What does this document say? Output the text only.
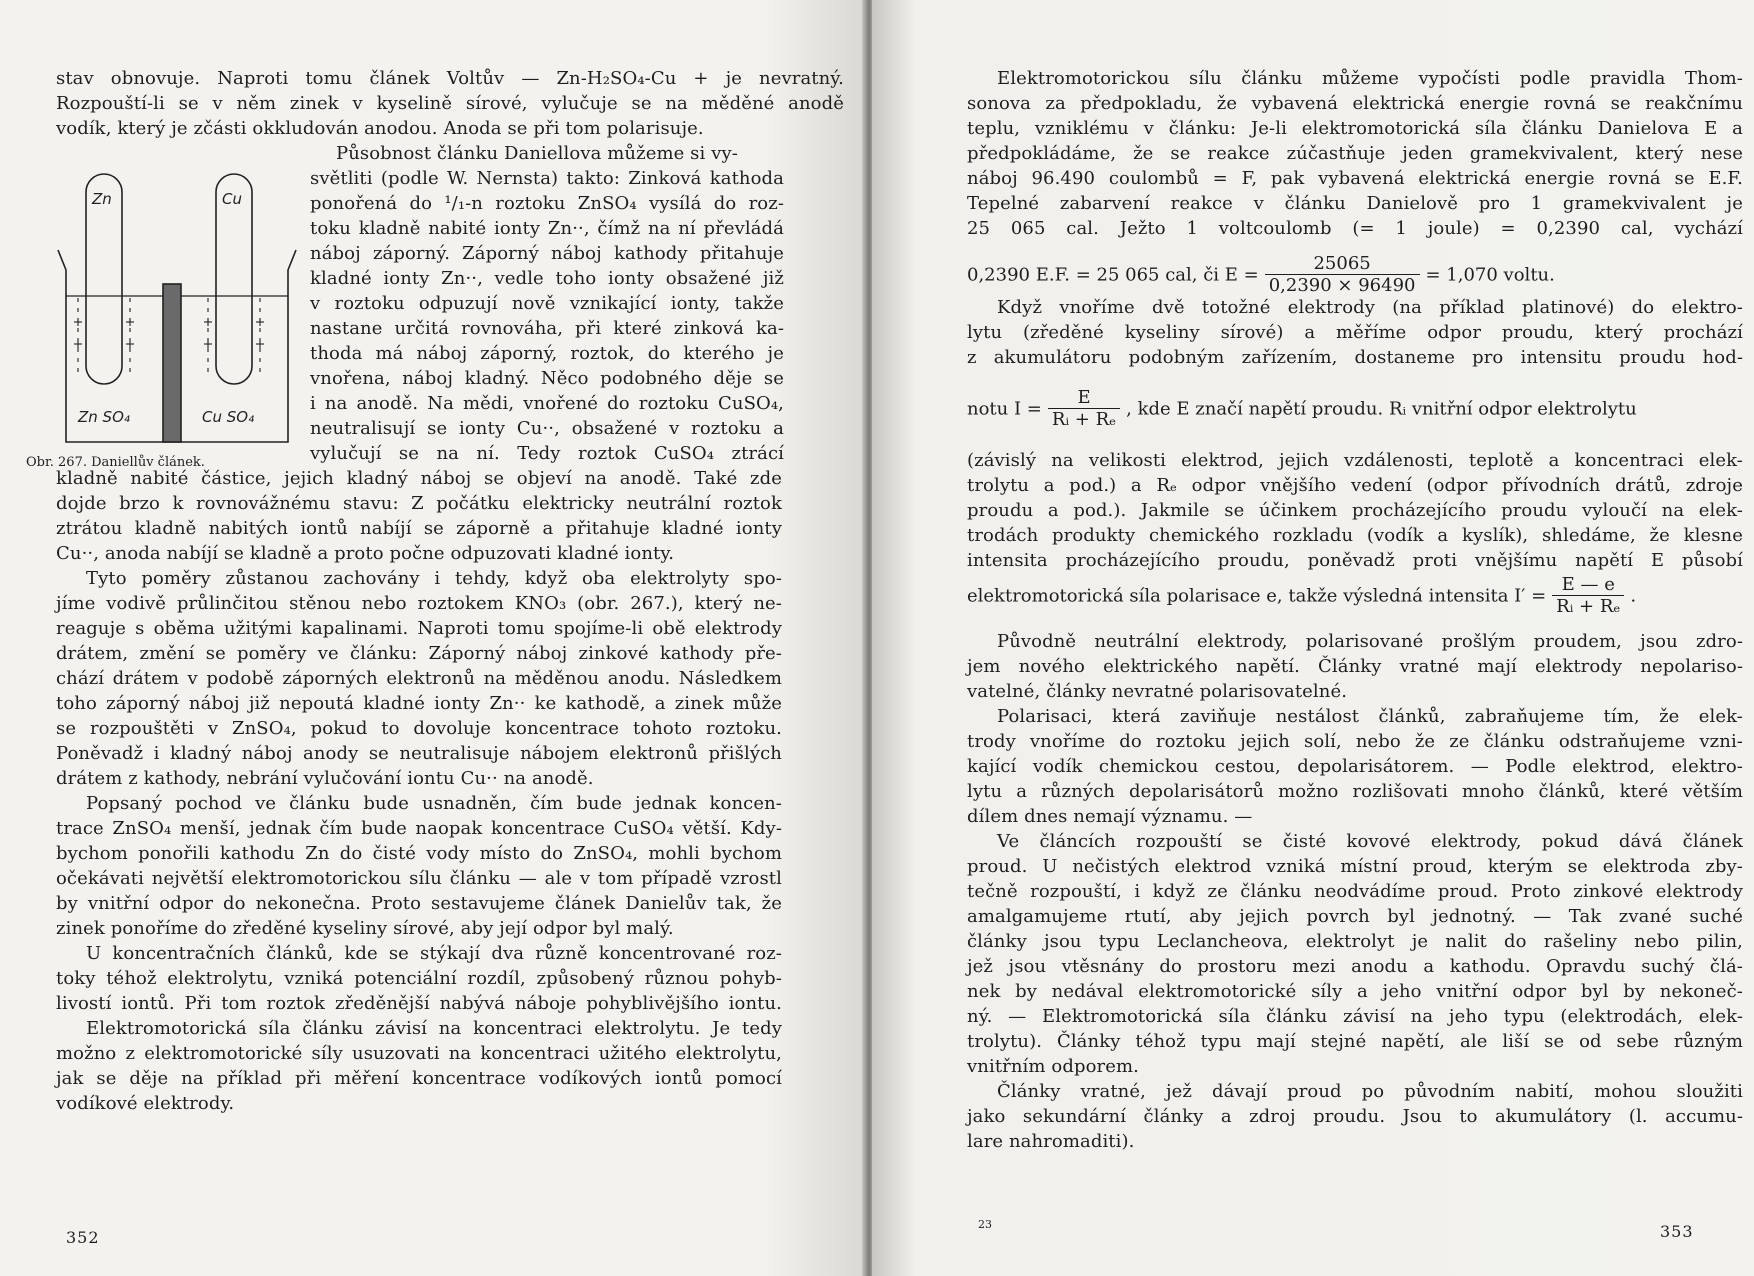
stav obnovuje. Naproti tomu článek Voltův — Zn-H₂SO₄-Cu + je nevratný.
Rozpouští-li se v něm zinek v kyselině sírové, vylučuje se na měděné anodě
vodík, který je zčásti okkludován anodou. Anoda se při tom polarisuje.
Zn	Cu
Zn SO₄	Cu SO₄
Obr. 267. Daniellův článek.
Působnost článku Daniellova můžeme si vy-
světliti (podle W. Nernsta) takto: Zinková kathoda
ponořená do ¹/₁-n roztoku ZnSO₄ vysílá do roz-
toku kladně nabité ionty Zn··, čímž na ní převládá
náboj záporný. Záporný náboj kathody přitahuje
kladné ionty Zn··, vedle toho ionty obsažené již
v roztoku odpuzují nově vznikající ionty, takže
nastane určitá rovnováha, při které zinková ka-
thoda má náboj záporný, roztok, do kterého je
vnořena, náboj kladný. Něco podobného děje se
i na anodě. Na mědi, vnořené do roztoku CuSO₄,
neutralisují se ionty Cu··, obsažené v roztoku a
vylučují se na ní. Tedy roztok CuSO₄ ztrácí
kladně nabité částice, jejich kladný náboj se objeví na anodě. Také zde
dojde brzo k rovnovážnému stavu: Z počátku elektricky neutrální roztok
ztrátou kladně nabitých iontů nabíjí se záporně a přitahuje kladné ionty
Cu··, anoda nabíjí se kladně a proto počne odpuzovati kladné ionty.
Tyto poměry zůstanou zachovány i tehdy, když oba elektrolyty spo-
jíme vodivě průlinčitou stěnou nebo roztokem KNO₃ (obr. 267.), který ne-
reaguje s oběma užitými kapalinami. Naproti tomu spojíme-li obě elektrody
drátem, změní se poměry ve článku: Záporný náboj zinkové kathody pře-
chází drátem v podobě záporných elektronů na měděnou anodu. Následkem
toho záporný náboj již nepoutá kladné ionty Zn·· ke kathodě, a zinek může
se rozpouštěti v ZnSO₄, pokud to dovoluje koncentrace tohoto roztoku.
Poněvadž i kladný náboj anody se neutralisuje nábojem elektronů přišlých
drátem z kathody, nebrání vylučování iontu Cu·· na anodě.
Popsaný pochod ve článku bude usnadněn, čím bude jednak koncen-
trace ZnSO₄ menší, jednak čím bude naopak koncentrace CuSO₄ větší. Kdy-
bychom ponořili kathodu Zn do čisté vody místo do ZnSO₄, mohli bychom
očekávati největší elektromotorickou sílu článku — ale v tom případě vzrostl
by vnitřní odpor do nekonečna. Proto sestavujeme článek Danielův tak, že
zinek ponoříme do zředěné kyseliny sírové, aby její odpor byl malý.
U koncentračních článků, kde se stýkají dva různě koncentrované roz-
toky téhož elektrolytu, vzniká potenciální rozdíl, způsobený různou pohyb-
livostí iontů. Při tom roztok zředěnější nabývá náboje pohyblivějšího iontu.
Elektromotorická síla článku závisí na koncentraci elektrolytu. Je tedy
možno z elektromotorické síly usuzovati na koncentraci užitého elektrolytu,
jak se děje na příklad při měření koncentrace vodíkových iontů pomocí
vodíkové elektrody.
352
Elektromotorickou sílu článku můžeme vypočísti podle pravidla Thom-
sonova za předpokladu, že vybavená elektrická energie rovná se reakčnímu
teplu, vzniklému v článku: Je-li elektromotorická síla článku Danielova E a
předpokládáme, že se reakce zúčastňuje jeden gramekvivalent, který nese
náboj 96.490 coulombů = F, pak vybavená elektrická energie rovná se E.F.
Tepelné zabarvení reakce v článku Danielově pro 1 gramekvivalent je
25 065 cal. Ježto 1 voltcoulomb (= 1 joule) = 0,2390 cal, vychází
0,2390 E.F. = 25 065 cal, či $E = \frac{25065}{0,2390 \times 96490} = 1,070$ voltu.
Když vnoříme dvě totožné elektrody (na příklad platinové) do elektro-
lytu (zředěné kyseliny sírové) a měříme odpor proudu, který prochází
z akumulátoru podobným zařízením, dostaneme pro intensitu proudu hod-
notu $I = \frac{E}{\text{Rᵢ + Rₑ}}$ , kde E značí napětí proudu. Rᵢ vnitřní odpor elektrolytu
(závislý na velikosti elektrod, jejich vzdálenosti, teplotě a koncentraci elek-
trolytu a pod.) a Rₑ odpor vnějšího vedení (odpor přívodních drátů, zdroje
proudu a pod.). Jakmile se účinkem procházejícího proudu vyloučí na elek-
trodách produkty chemického rozkladu (vodík a kyslík), shledáme, že klesne
intensita procházejícího proudu, poněvadž proti vnějšímu napětí E působí
elektromotorická síla polarisace e, takže výsledná intensita $I' = \frac{E — e}{\text{Rᵢ + Rₑ}}$ .
Původně neutrální elektrody, polarisované prošlým proudem, jsou zdro-
jem nového elektrického napětí. Články vratné mají elektrody nepolariso-
vatelné, články nevratné polarisovatelné.
Polarisaci, která zaviňuje nestálost článků, zabraňujeme tím, že elek-
trody vnoříme do roztoku jejich solí, nebo že ze článku odstraňujeme vzni-
kající vodík chemickou cestou, depolarisátorem. — Podle elektrod, elektro-
lytu a různých depolarisátorů možno rozlišovati mnoho článků, které větším
dílem dnes nemají významu. —
Ve článcích rozpouští se čisté kovové elektrody, pokud dává článek
proud. U nečistých elektrod vzniká místní proud, kterým se elektroda zby-
tečně rozpouští, i když ze článku neodvádíme proud. Proto zinkové elektrody
amalgamujeme rtutí, aby jejich povrch byl jednotný. — Tak zvané suché
články jsou typu Leclancheova, elektrolyt je nalit do rašeliny nebo pilin,
jež jsou vtěsnány do prostoru mezi anodu a kathodu. Opravdu suchý člá-
nek by nedával elektromotorické síly a jeho vnitřní odpor byl by nekoneč-
ný. — Elektromotorická síla článku závisí na jeho typu (elektrodách, elek-
trolytu). Články téhož typu mají stejné napětí, ale liší se od sebe různým
vnitřním odporem.
Články vratné, jež dávají proud po původním nabití, mohou sloužiti
jako sekundární články a zdroj proudu. Jsou to akumulátory (l. accumu-
lare nahromaditi).
23	353
